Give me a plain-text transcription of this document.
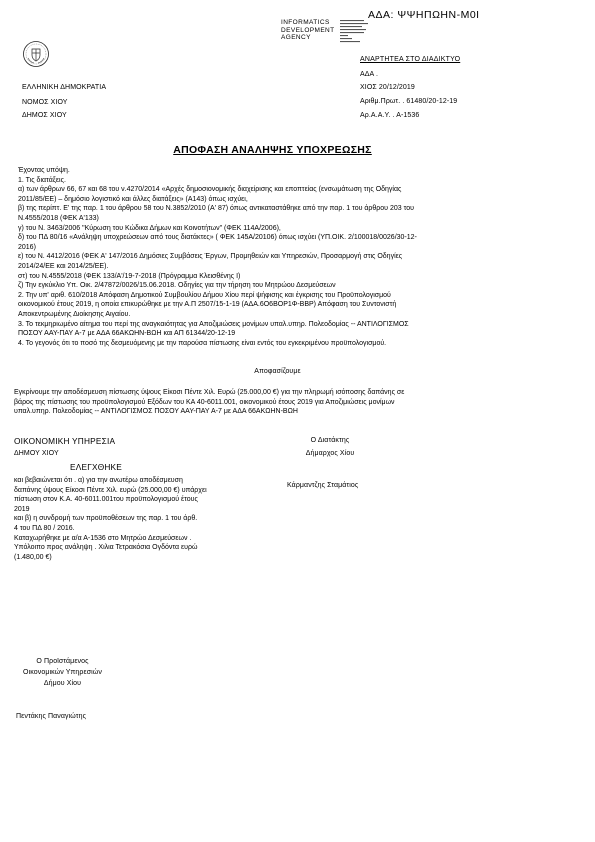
ΑΔΑ: ΨΨΗΠΩΗΝ-Μ0Ι
INFORMATICS
DEVELOPMENT
AGENCY
ΑΝΑΡΤΗΤΕΑ ΣΤΟ ΔΙΑΔΙΚΤΥΟ
ΕΛΛΗΝΙΚΗ ΔΗΜΟΚΡΑΤΙΑ
ΝΟΜΟΣ ΧΙΟΥ
ΔΗΜΟΣ ΧΙΟΥ
ΑΔΑ .
ΧΙΟΣ 20/12/2019
Αριθμ.Πρωτ. . 61480/20-12-19
Αρ.Α.Α.Υ. . Α-1536
ΑΠΟΦΑΣΗ ΑΝΑΛΗΨΗΣ ΥΠΟΧΡΕΩΣΗΣ
Έχοντας υπόψη.
1. Τις διατάξεις.
α) των άρθρων 66, 67 και 68 του ν.4270/2014 «Αρχές δημοσιονομικής διαχείρισης και εποπτείας (ενσωμάτωση της Οδηγίας
2011/85/ΕΕ) – δημόσιο λογιστικό και άλλες διατάξεις» (Α143) όπως ισχύει,
β) της περίπτ. Ε' της παρ. 1 του άρθρου 58 του Ν.3852/2010 (Α' 87) όπως αντικαταστάθηκε από την παρ. 1 του άρθρου 203 του
Ν.4555/2018 (ΦΕΚ Α'133)
γ) του Ν. 3463/2006 "Κύρωση του Κώδικα Δήμων και Κοινοτήτων" (ΦΕΚ 114Α/2006),
δ) του ΠΔ 80/16 «Ανάληψη υποχρεώσεων από τους διατάκτες» ( ΦΕΚ 145Α/20106) όπως ισχύει (ΥΠ.ΟΙΚ. 2/100018/0026/30-12-
2016)
ε) του Ν. 4412/2016 (ΦΕΚ Α' 147/2016 Δημόσιες Συμβάσεις Έργων, Προμηθειών και Υπηρεσιών, Προσαρμογή στις Οδηγίες
2014/24/ΕΕ και 2014/25/ΕΕ).
στ) του Ν.4555/2018 (ΦΕΚ 133/Α'/19-7-2018 (Πρόγραμμα Κλεισθένης Ι)
ζ) Την εγκύκλιο Υπ. Οικ. 2/47872/0026/15.06.2018. Οδηγίες για την τήρηση του Μητρώου Δεσμεύσεων
2. Την υπ' αριθ. 610/2018 Απόφαση Δημοτικού Συμβουλίου Δήμου Χίου περί ψήφισης και έγκρισης του Προϋπολογισμού
οικονομικού έτους 2019, η οποία επικυρώθηκε με την Α.Π 2507/15-1-19 (ΑΔΑ.6Ο6ΒΟΡ1Φ-ΒΒΡ) Απόφαση του Συντονιστή
Αποκεντρωμένης Διοίκησης Αιγαίου.
3. Το τεκμηριωμένο αίτημα του περί της αναγκαιότητας για Αποζιμιώσεις μονίμων υπαλ.υπηρ. Πολεοδομίας -- ΑΝΤΙΛΟΓΙΣΜΟΣ
ΠΟΣΟΥ ΑΑΥ-ΠΑΥ Α-7 με ΑΔΑ 66ΑΚΩΗΝ-ΒΩΗ και ΑΠ 61344/20-12-19
4. Το γεγονός ότι το ποσό της δεσμευόμενης με την παρούσα πίστωσης είναι εντός του εγκεκριμένου προϋπολογισμού.
Αποφασίζουμε
Εγκρίνουμε την αποδέσμευση πίστωσης ύψους Είκοσι Πέντε Χιλ. Ευρώ (25.000,00 €) για την πληρωμή ισόποσης δαπάνης σε
βάρος της πίστωσης του προϋπολογισμού Εξόδων του ΚΑ 40-6011.001, οικονομικού έτους 2019 για Αποζιμιώσεις μονίμων
υπαλ.υπηρ. Πολεοδομίας -- ΑΝΤΙΛΟΓΙΣΜΟΣ ΠΟΣΟΥ ΑΑΥ-ΠΑΥ Α-7 με ΑΔΑ 66ΑΚΩΗΝ-ΒΩΗ
ΟΙΚΟΝΟΜΙΚΗ ΥΠΗΡΕΣΙΑ
ΔΗΜΟΥ ΧΙΟΥ
ΕΛΕΓΧΘΗΚΕ
και βεβαιώνεται ότι . α) για την ανωτέρω αποδέσμευση
δαπάνης ύψους Είκοσι Πέντε Χιλ. ευρώ (25.000,00 €) υπάρχει
πίστωση στον Κ.Α. 40-6011.001του προϋπολογισμού έτους
2019
και β) η συνδρομή των προϋποθέσεων της παρ. 1 του άρθ.
4 του ΠΔ 80 / 2016.
Καταχωρήθηκε με α/α Α-1536 στο Μητρώο Δεσμεύσεων .
Υπόλοιπο προς ανάληψη . Χιλια Τετρακόσια Ογδόντα ευρώ
(1.480,00 €)
Ο Διατάκτης
Δήμαρχος Χίου
Κάρμαντζης Σταμάτιος
Ο Προϊστάμενος
Οικονομικών Υπηρεσιών
Δήμου Χίου
Πεντάκης Παναγιώτης
